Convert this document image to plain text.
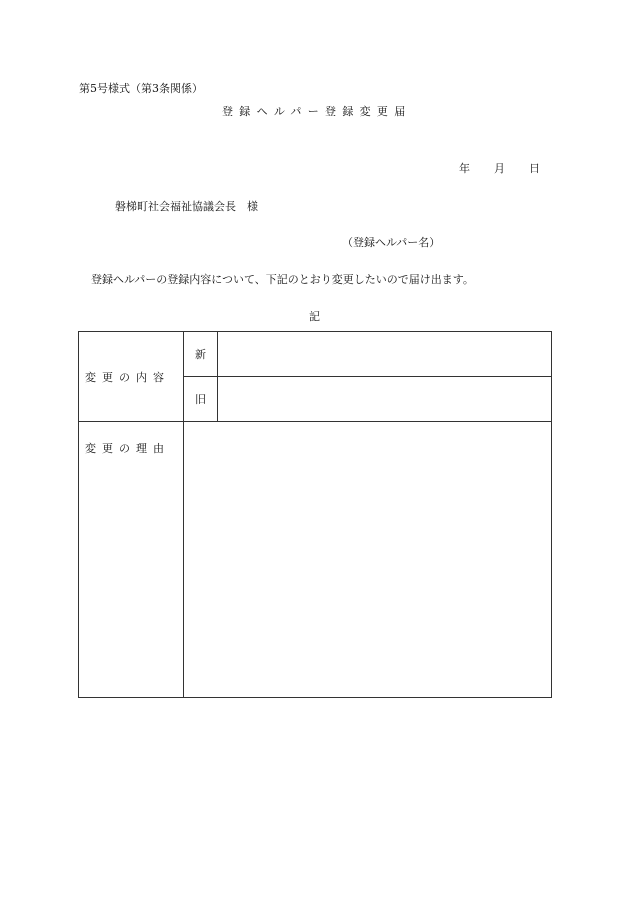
第5号様式（第3条関係）
登録ヘルパー登録変更届
年 月 日
磐梯町社会福祉協議会長　様
（登録ヘルパー名）
登録ヘルパーの登録内容について、下記のとおり変更したいので届け出ます。
記
変更の内容	新	

	旧	

変更の理由		
